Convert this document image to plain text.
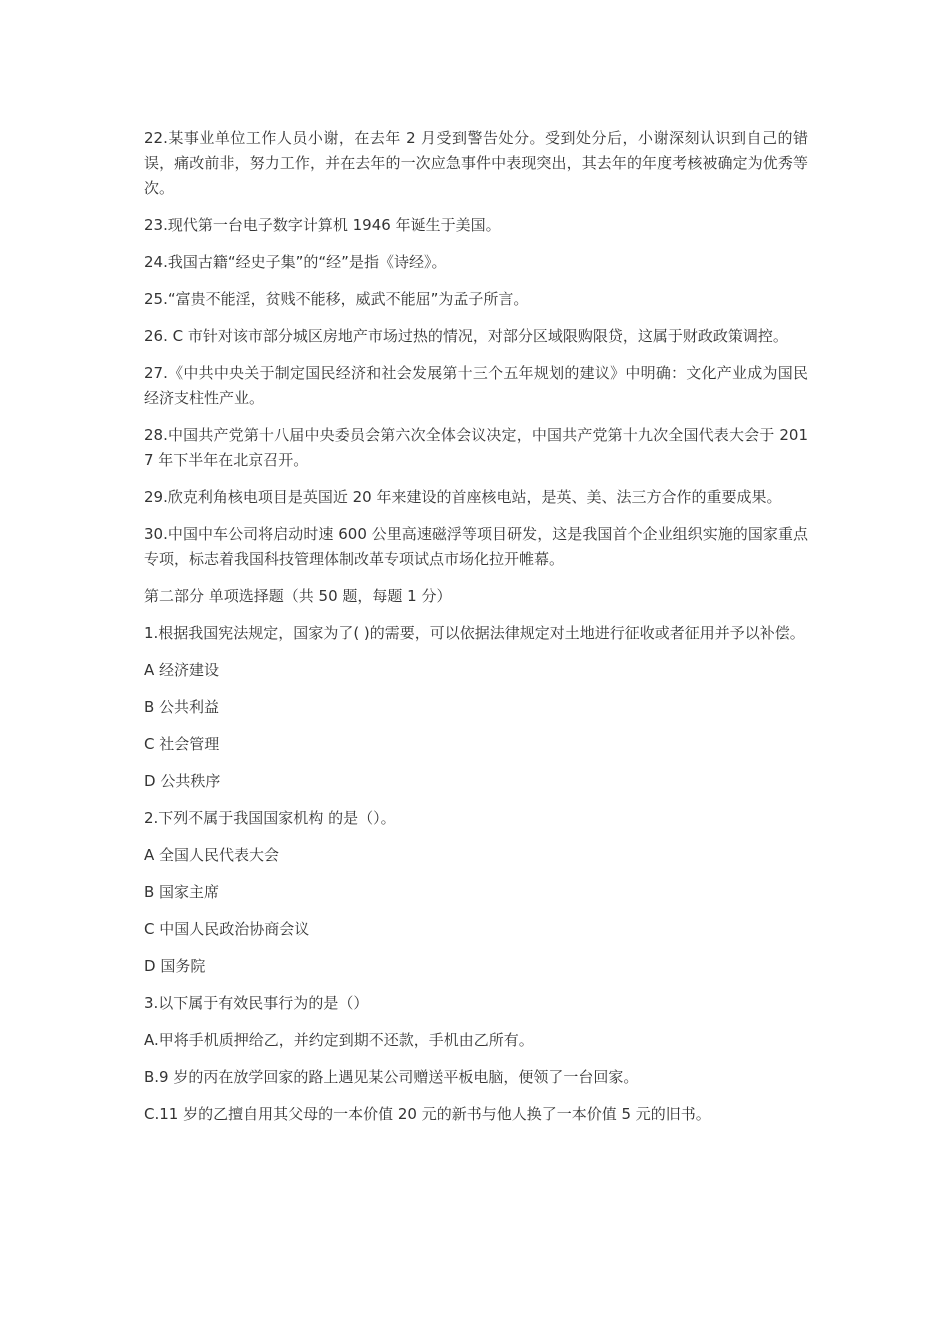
22.某事业单位工作人员小谢，在去年 2 月受到警告处分。受到处分后，小谢深刻认识到自己的错误，痛改前非，努力工作，并在去年的一次应急事件中表现突出，其去年的年度考核被确定为优秀等次。

23.现代第一台电子数字计算机 1946 年诞生于美国。

24.我国古籍“经史子集”的“经”是指《诗经》。

25.“富贵不能淫，贫贱不能移，威武不能屈”为孟子所言。

26. C 市针对该市部分城区房地产市场过热的情况，对部分区域限购限贷，这属于财政政策调控。

27.《中共中央关于制定国民经济和社会发展第十三个五年规划的建议》中明确：文化产业成为国民经济支柱性产业。

28.中国共产党第十八届中央委员会第六次全体会议决定，中国共产党第十九次全国代表大会于 2017 年下半年在北京召开。

29.欣克利角核电项目是英国近 20 年来建设的首座核电站，是英、美、法三方合作的重要成果。

30.中国中车公司将启动时速 600 公里高速磁浮等项目研发，这是我国首个企业组织实施的国家重点专项，标志着我国科技管理体制改革专项试点市场化拉开帷幕。

第二部分 单项选择题（共 50 题，每题 1 分）

1.根据我国宪法规定，国家为了( )的需要，可以依据法律规定对土地进行征收或者征用并予以补偿。

A 经济建设

B 公共利益

C 社会管理

D 公共秩序

2.下列不属于我国国家机构 的是（）。

A 全国人民代表大会

B 国家主席

C 中国人民政治协商会议

D 国务院

3.以下属于有效民事行为的是（）

A.甲将手机质押给乙，并约定到期不还款，手机由乙所有。

B.9 岁的丙在放学回家的路上遇见某公司赠送平板电脑，便领了一台回家。

C.11 岁的乙擅自用其父母的一本价值 20 元的新书与他人换了一本价值 5 元的旧书。
